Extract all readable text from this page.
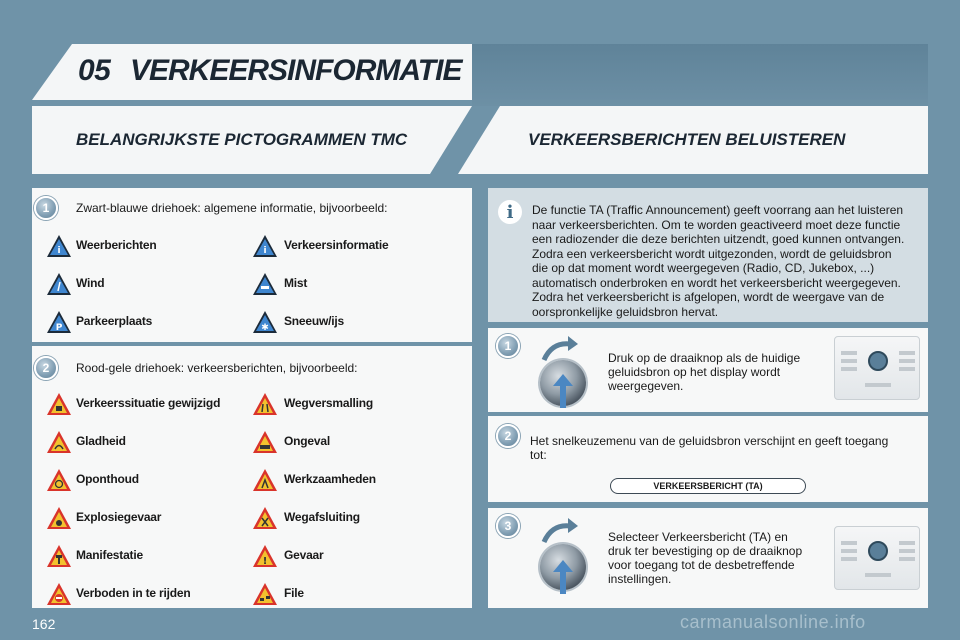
05 VERKEERSINFORMATIE
BELANGRIJKSTE PICTOGRAMMEN TMC	VERKEERSBERICHTEN BELUISTEREN
1	Zwart-blauwe driehoek: algemene informatie, bijvoorbeeld:
i Weerberichten	i Verkeersinformatie
Wind	Mist
P Parkeerplaats	✱ Sneeuw/ijs
2	Rood-gele driehoek: verkeersberichten, bijvoorbeeld:
Verkeerssituatie gewijzigd	Wegversmalling
Gladheid	Ongeval
Oponthoud	Werkzaamheden
Explosiegevaar	Wegafsluiting
Manifestatie	! Gevaar
Verboden in te rijden	File
i	De functie TA (Traffic Announcement) geeft voorrang aan het luisteren
naar verkeersberichten. Om te worden geactiveerd moet deze functie
een radiozender die deze berichten uitzendt, goed kunnen ontvangen.
Zodra een verkeersbericht wordt uitgezonden, wordt de geluidsbron
die op dat moment wordt weergegeven (Radio, CD, Jukebox, ...)
automatisch onderbroken en wordt het verkeersbericht weergegeven.
Zodra het verkeersbericht is afgelopen, wordt de weergave van de
oorspronkelijke geluidsbron hervat.
1
Druk op de draaiknop als de huidige
geluidsbron op het display wordt
weergegeven.
2	Het snelkeuzemenu van de geluidsbron verschijnt en geeft toegang
tot:
VERKEERSBERICHT (TA)
3
Selecteer Verkeersbericht (TA) en
druk ter bevestiging op de draaiknop
voor toegang tot de desbetreffende
instellingen.
162	carmanualsonline.info
